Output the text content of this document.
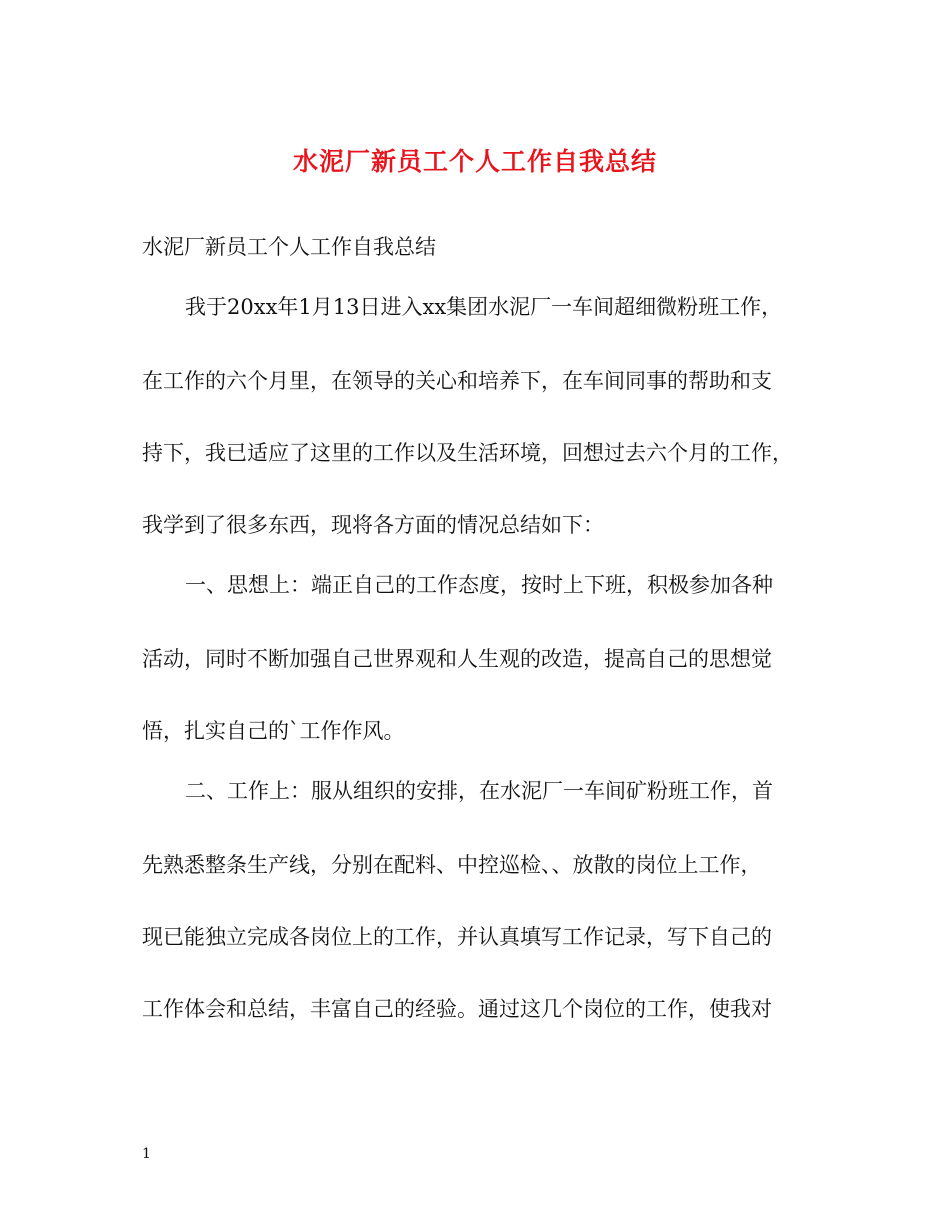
水泥厂新员工个人工作自我总结

水泥厂新员工个人工作自我总结

我于20xx年1月13日进入xx集团水泥厂一车间超细微粉班工作，

在工作的六个月里，在领导的关心和培养下，在车间同事的帮助和支

持下，我已适应了这里的工作以及生活环境，回想过去六个月的工作，

我学到了很多东西，现将各方面的情况总结如下：

一、思想上：端正自己的工作态度，按时上下班，积极参加各种

活动，同时不断加强自己世界观和人生观的改造，提高自己的思想觉

悟，扎实自己的`工作作风。

二、工作上：服从组织的安排，在水泥厂一车间矿粉班工作，首

先熟悉整条生产线，分别在配料、中控巡检、、放散的岗位上工作，

现已能独立完成各岗位上的工作，并认真填写工作记录，写下自己的

工作体会和总结，丰富自己的经验。通过这几个岗位的工作，使我对

1
